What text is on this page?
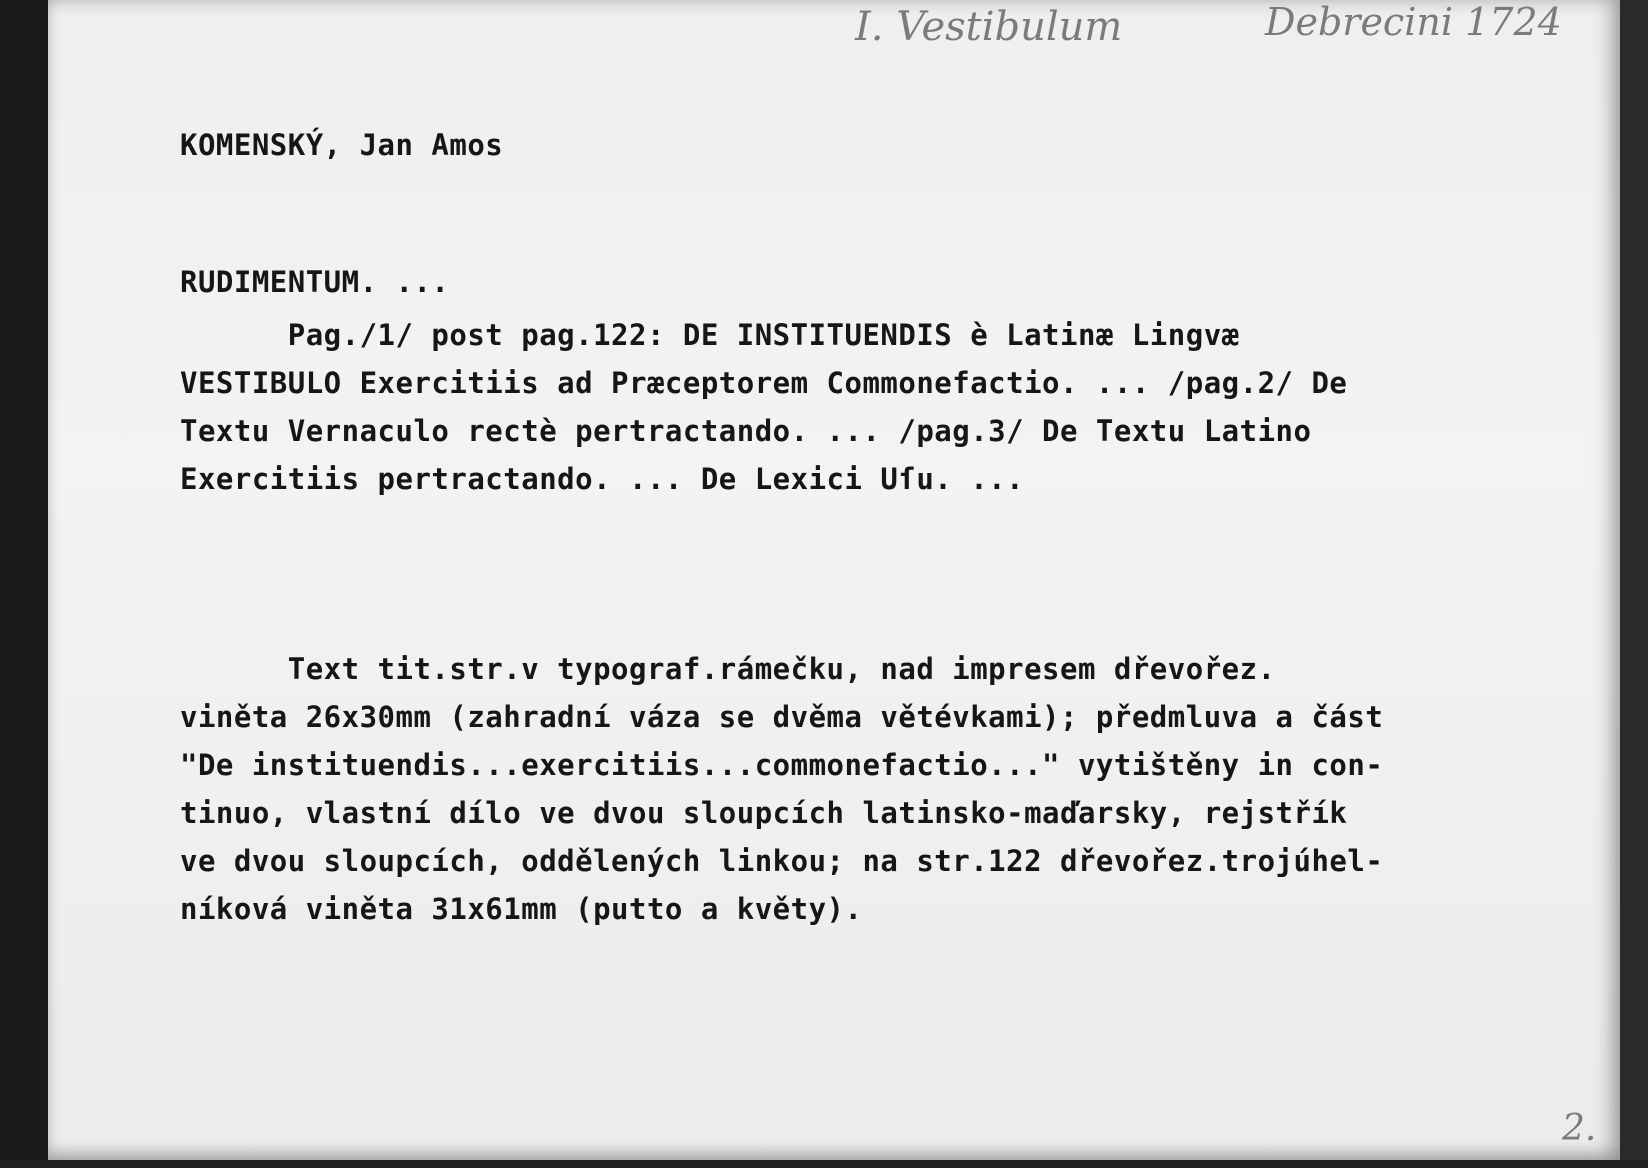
I. Vestibulum	Debrecini 1724
2.
KOMENSKÝ, Jan Amos
RUDIMENTUM. ...
Pag./1/ post pag.122: DE INSTITUENDIS è Latinæ Lingvæ
VESTIBULO Exercitiis ad Præceptorem Commonefactio. ... /pag.2/ De
Textu Vernaculo rectè pertractando. ... /pag.3/ De Textu Latino
Exercitiis pertractando. ... De Lexici Uſu. ...
Text tit.str.v typograf.rámečku, nad impresem dřevořez.
viněta 26x30mm (zahradní váza se dvěma větévkami); předmluva a část
"De instituendis...exercitiis...commonefactio..." vytištěny in con-
tinuo, vlastní dílo ve dvou sloupcích latinsko-maďarsky, rejstřík
ve dvou sloupcích, oddělených linkou; na str.122 dřevořez.trojúhel-
níková viněta 31x61mm (putto a květy).
